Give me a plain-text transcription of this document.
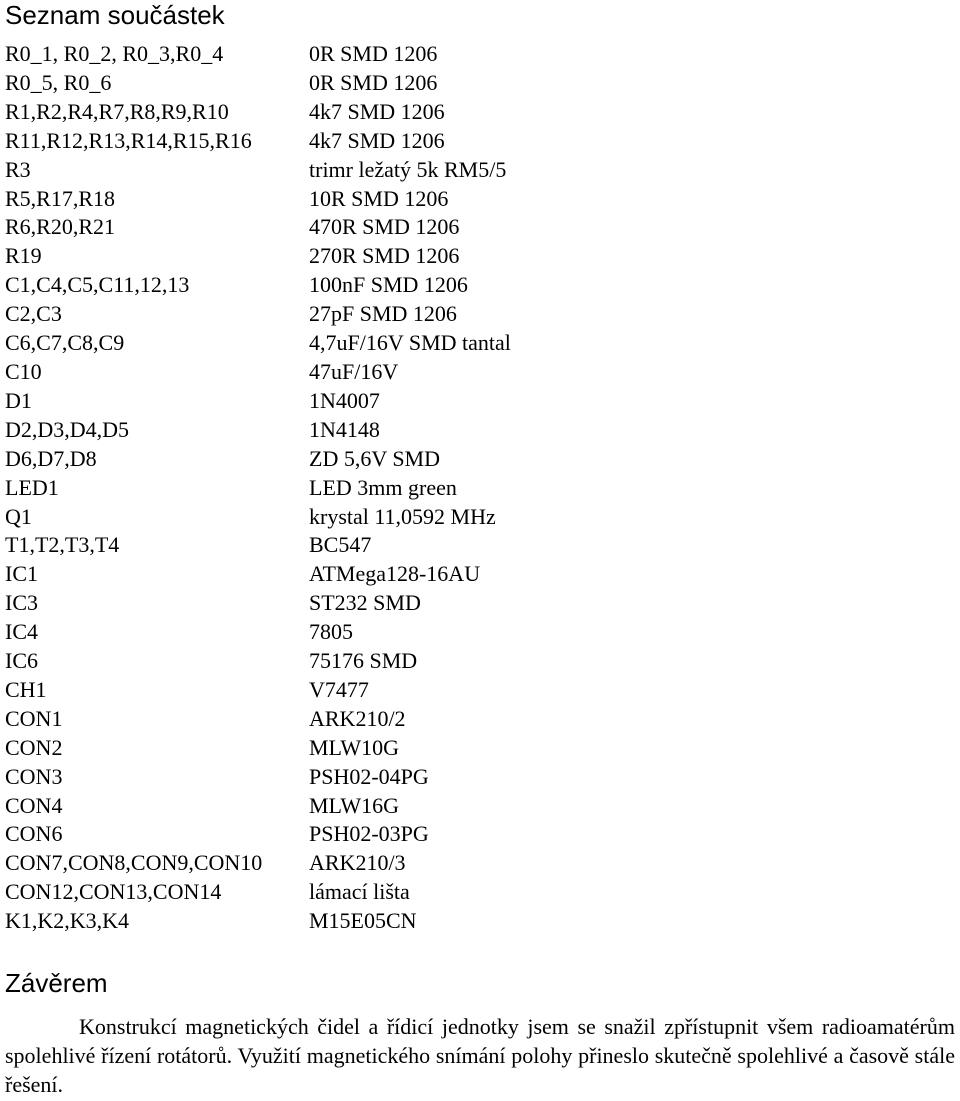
Seznam součástek
R0_1, R0_2, R0_3,R0_4	0R SMD 1206
R0_5, R0_6	0R SMD 1206
R1,R2,R4,R7,R8,R9,R10	4k7 SMD 1206
R11,R12,R13,R14,R15,R16	4k7 SMD 1206
R3	trimr ležatý 5k RM5/5
R5,R17,R18	10R SMD 1206
R6,R20,R21	470R SMD 1206
R19	270R SMD 1206
C1,C4,C5,C11,12,13	100nF SMD 1206
C2,C3	27pF SMD 1206
C6,C7,C8,C9	4,7uF/16V SMD tantal
C10	47uF/16V
D1	1N4007
D2,D3,D4,D5	1N4148
D6,D7,D8	ZD 5,6V SMD
LED1	LED 3mm green
Q1	krystal 11,0592 MHz
T1,T2,T3,T4	BC547
IC1	ATMega128-16AU
IC3	ST232 SMD
IC4	7805
IC6	75176 SMD
CH1	V7477
CON1	ARK210/2
CON2	MLW10G
CON3	PSH02-04PG
CON4	MLW16G
CON6	PSH02-03PG
CON7,CON8,CON9,CON10	ARK210/3
CON12,CON13,CON14	lámací lišta
K1,K2,K3,K4	M15E05CN
Závěrem

Konstrukcí magnetických čidel a řídicí jednotky jsem se snažil zpřístupnit všem radioamatérům spolehlivé řízení rotátorů. Využití magnetického snímání polohy přineslo skutečně spolehlivé a časově stále řešení.
